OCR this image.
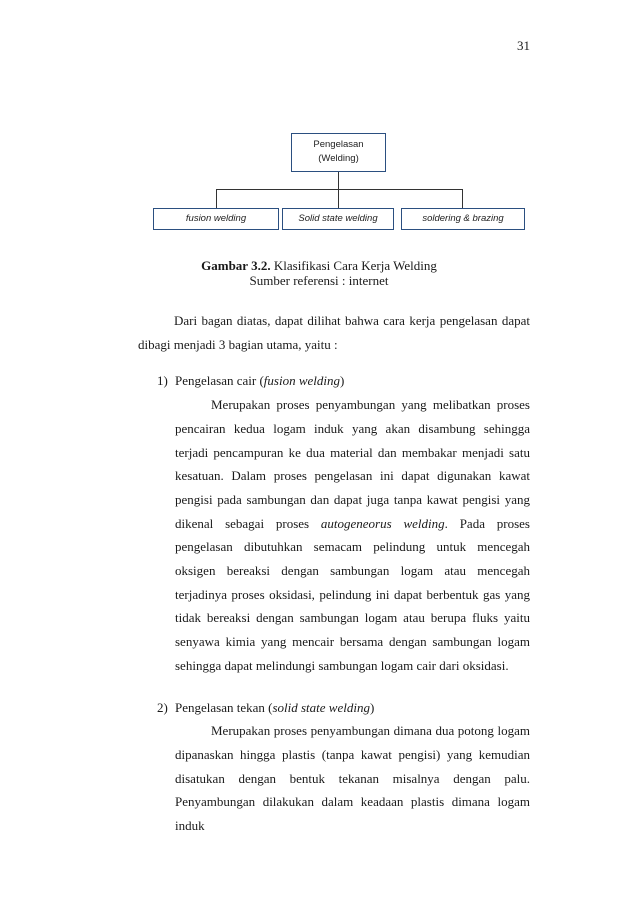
31
Pengelasan
(Welding)
fusion welding	Solid state welding	soldering & brazing
Gambar 3.2. Klasifikasi Cara Kerja Welding
Sumber referensi : internet
Dari bagan diatas, dapat dilihat bahwa cara kerja pengelasan dapat dibagi menjadi 3 bagian utama, yaitu :
1) Pengelasan cair (fusion welding)
Merupakan proses penyambungan yang melibatkan proses pencairan kedua logam induk yang akan disambung sehingga terjadi pencampuran ke dua material dan membakar menjadi satu kesatuan. Dalam proses pengelasan ini dapat digunakan kawat pengisi pada sambungan dan dapat juga tanpa kawat pengisi yang dikenal sebagai proses autogeneorus welding. Pada proses pengelasan dibutuhkan semacam pelindung untuk mencegah oksigen bereaksi dengan sambungan logam atau mencegah terjadinya proses oksidasi, pelindung ini dapat berbentuk gas yang tidak bereaksi dengan sambungan logam atau berupa fluks yaitu senyawa kimia yang mencair bersama dengan sambungan logam sehingga dapat melindungi sambungan logam cair dari oksidasi.
2) Pengelasan tekan (solid state welding)
Merupakan proses penyambungan dimana dua potong logam dipanaskan hingga plastis (tanpa kawat pengisi) yang kemudian disatukan dengan bentuk tekanan misalnya dengan palu. Penyambungan dilakukan dalam keadaan plastis dimana logam induk
